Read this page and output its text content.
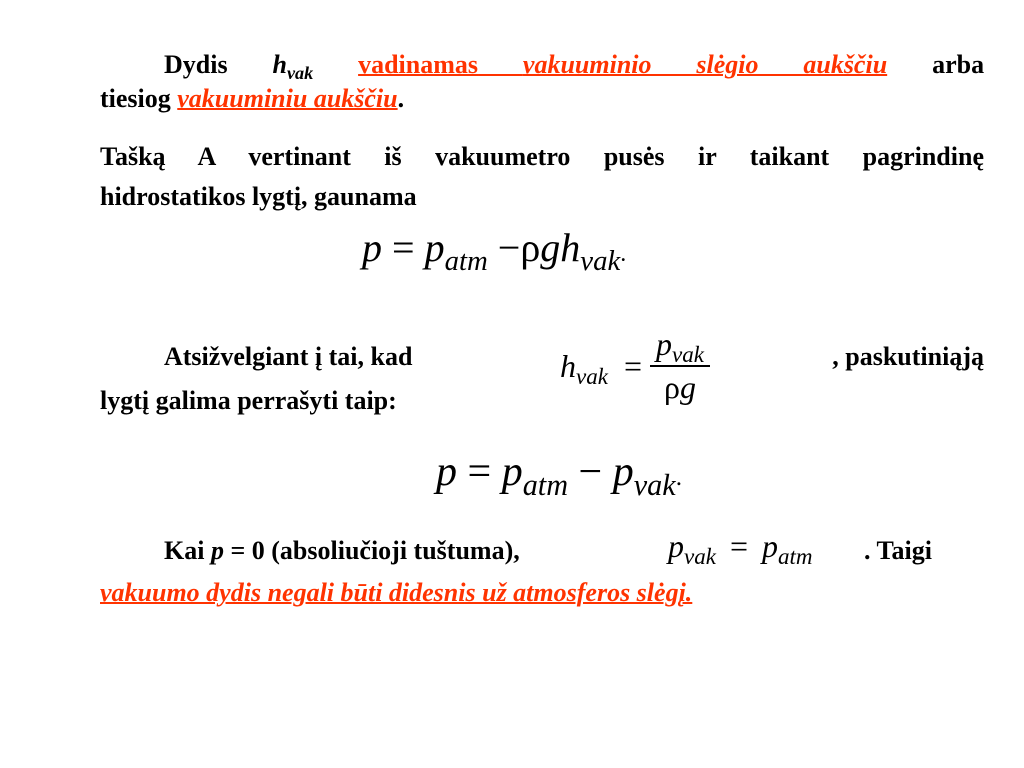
Dydis $h_{vak}$ vadinamas vakuuminio slėgio aukščiu arba
tiesiog vakuuminiu aukščiu.
Tašką A vertinant iš vakuumetro pusės ir taikant pagrindinę
hidrostatikos lygtį, gaunama
$p = p_{atm} -\rho gh_{vak}$.
Atsižvelgiant į tai, kad	, paskutiniąją
lygtį galima perrašyti taip:
$h_{vak} = \frac{p_{vak}}{\rho g}$
$p = p_{atm} - p_{vak}$.
Kai p = 0 (absoliučioji tuštuma),	$p_{vak} = p_{atm}$ . Taigi
vakuumo dydis negali būti didesnis už atmosferos slėgį.
